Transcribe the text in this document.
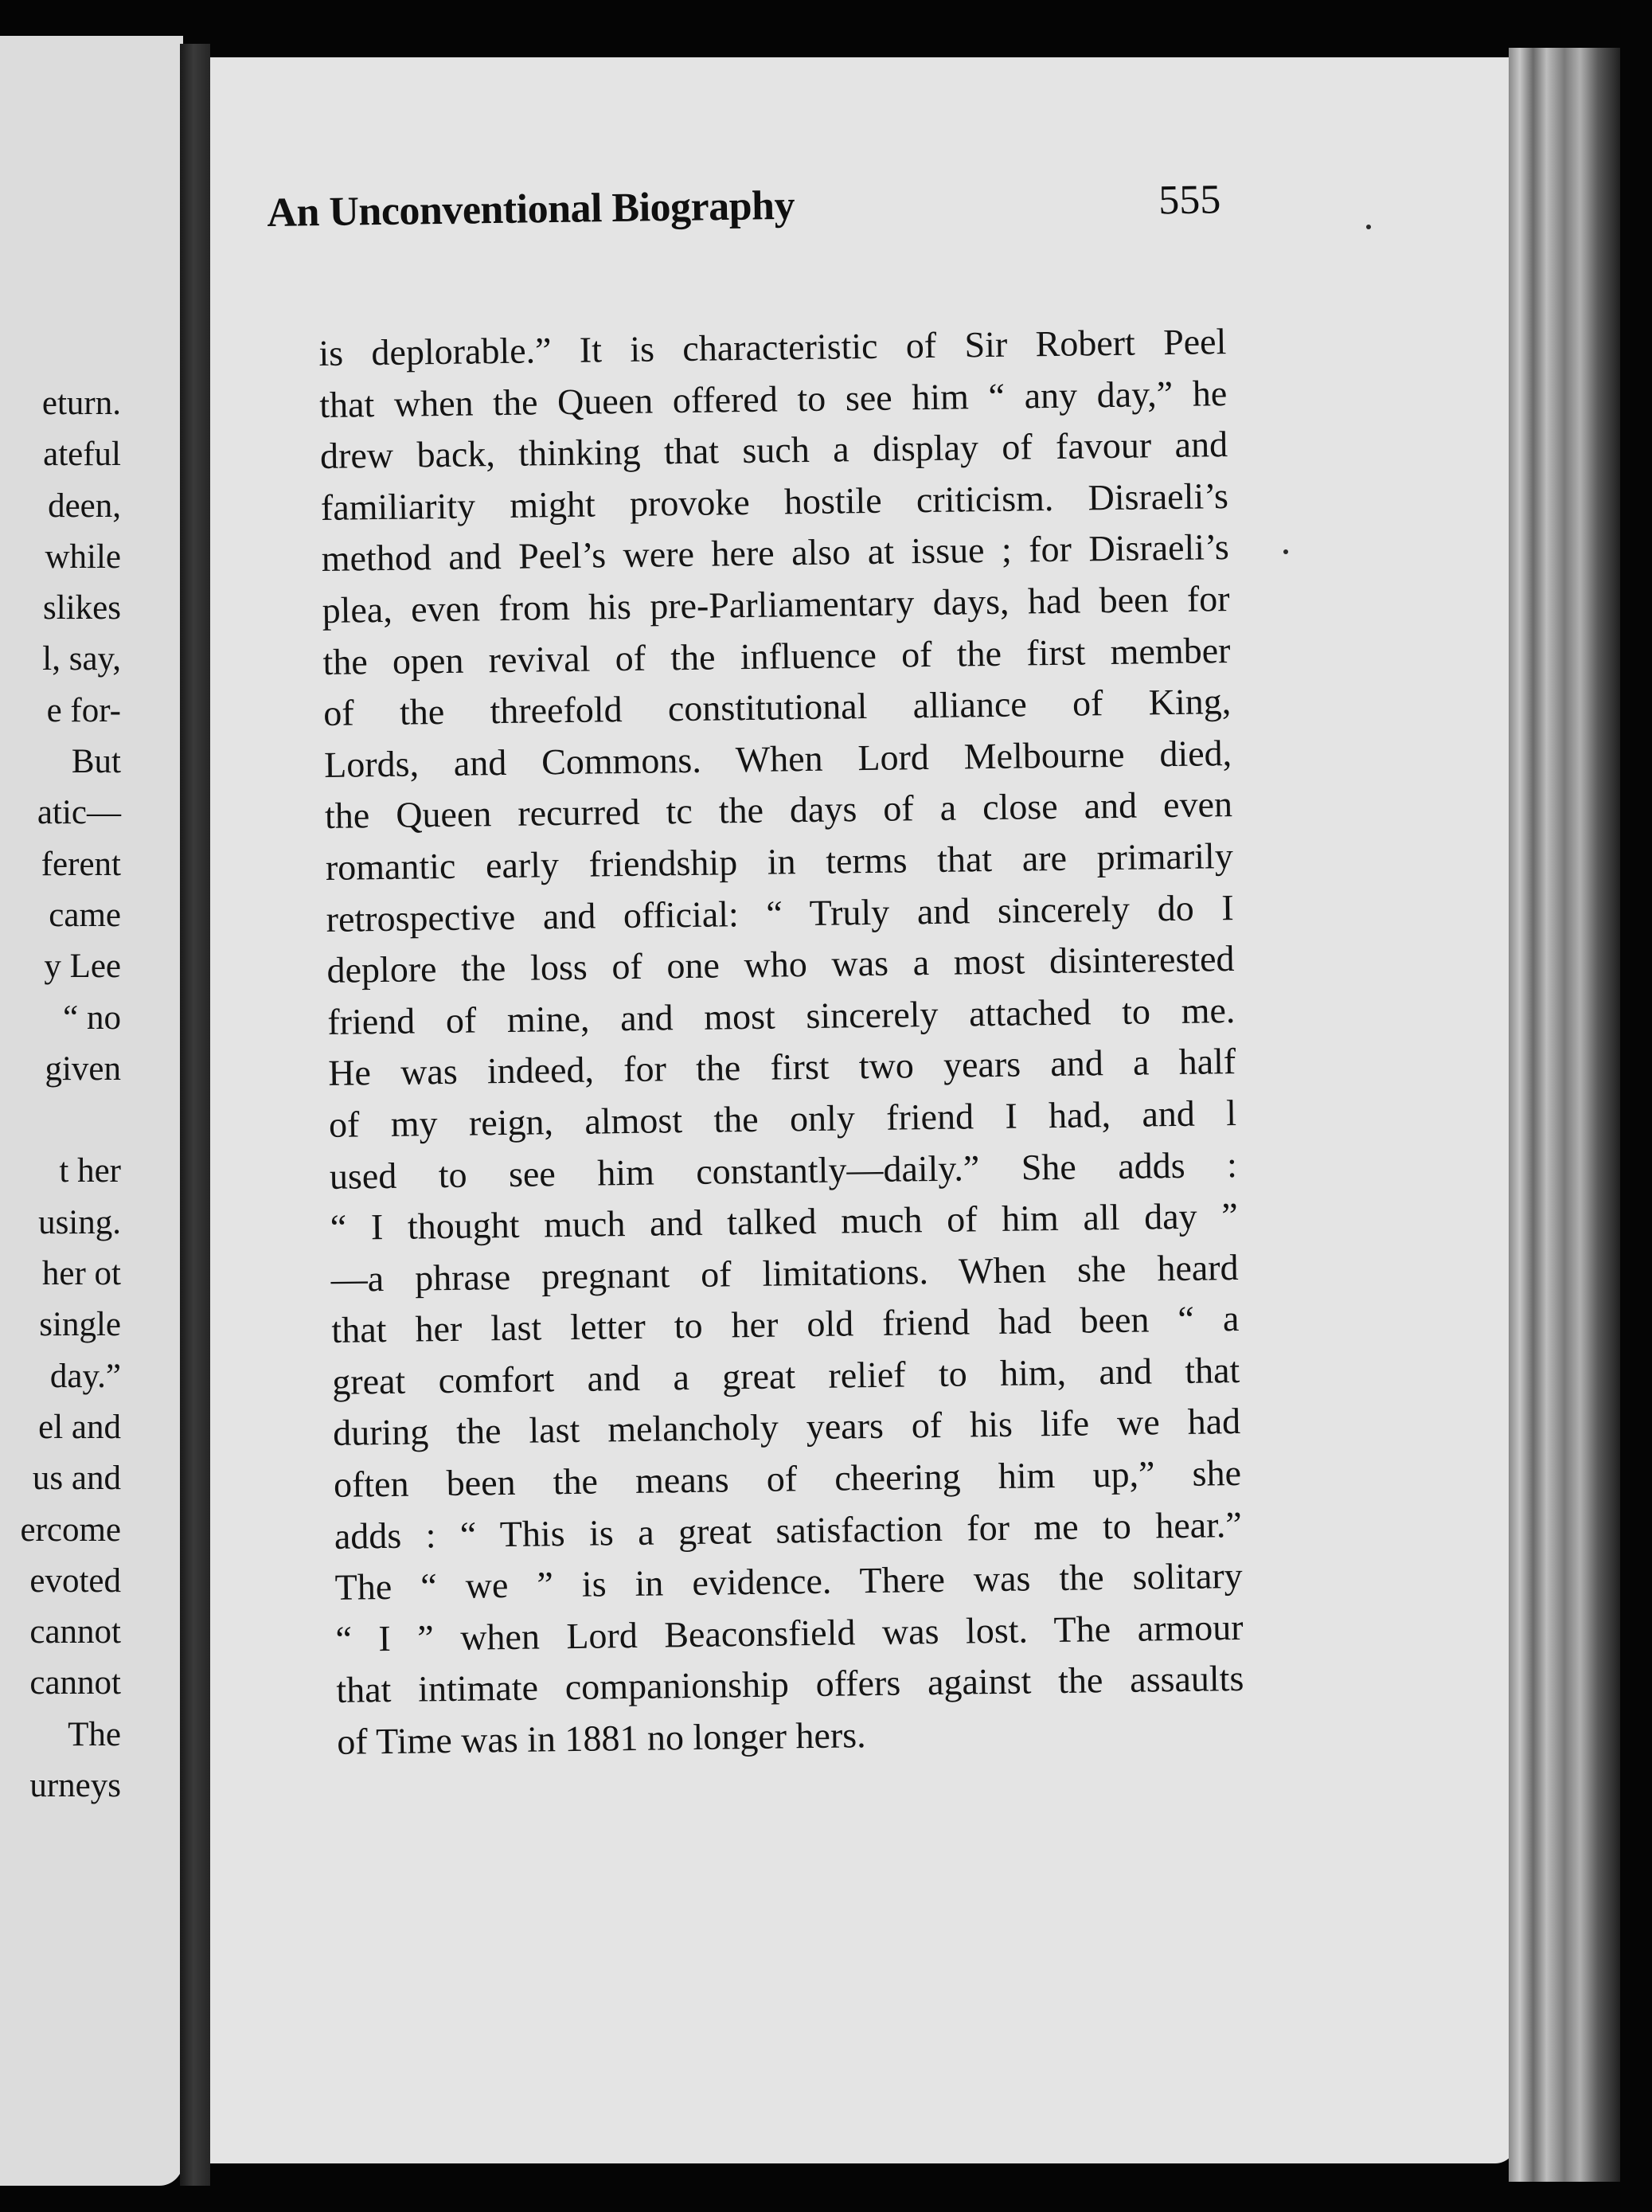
eturn.
ateful
deen,
while
slikes
l, say,
e for-
But
atic—
ferent
came
y Lee
“ no
given
t her
using.
her ot
single
day.”
el and
us and
ercome
evoted
cannot
cannot
The
urneys
An Unconventional Biography	555
is deplorable.” It is characteristic of Sir Robert Peel
that when the Queen offered to see him “ any day,” he
drew back, thinking that such a display of favour and
familiarity might provoke hostile criticism. Disraeli’s
method and Peel’s were here also at issue ; for Disraeli’s
plea, even from his pre-Parliamentary days, had been for
the open revival of the influence of the first member
of the threefold constitutional alliance of King,
Lords, and Commons. When Lord Melbourne died,
the Queen recurred tc the days of a close and even
romantic early friendship in terms that are primarily
retrospective and official: “ Truly and sincerely do I
deplore the loss of one who was a most disinterested
friend of mine, and most sincerely attached to me.
He was indeed, for the first two years and a half
of my reign, almost the only friend I had, and l
used to see him constantly—daily.” She adds :
“ I thought much and talked much of him all day ”
—a phrase pregnant of limitations. When she heard
that her last letter to her old friend had been “ a
great comfort and a great relief to him, and that
during the last melancholy years of his life we had
often been the means of cheering him up,” she
adds : “ This is a great satisfaction for me to hear.”
The “ we ” is in evidence. There was the solitary
“ I ” when Lord Beaconsfield was lost. The armour
that intimate companionship offers against the assaults
of Time was in 1881 no longer hers.
